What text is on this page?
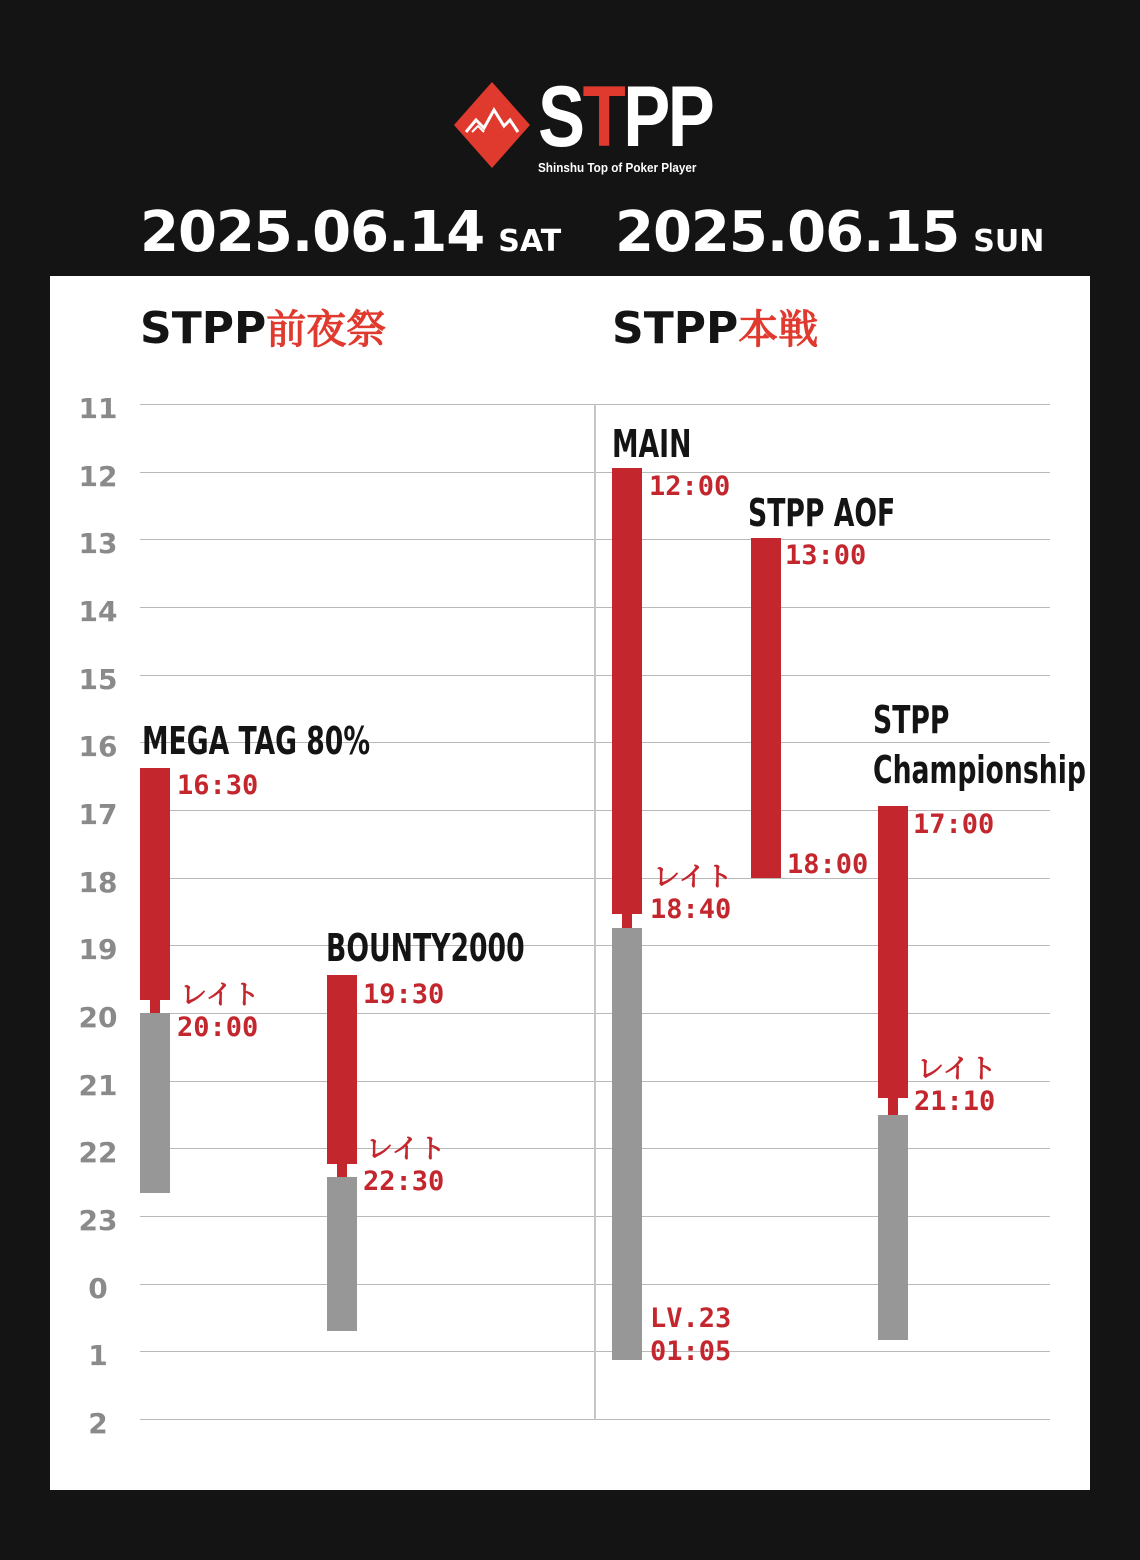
STPP
Shinshu Top of Poker Player
2025.06.14 SAT 2025.06.15 SUN
STPP前夜祭	STPP本戦
11
12
13
14
15
16
17
18
19
20
21
22
23
0
1
2
MEGA TAG 80%
16:30
レイト
20:00
BOUNTY2000
19:30
レイト
22:30
MAIN
12:00
レイト
18:40
LV.23
01:05
STPP AOF
13:00
18:00
STPP
Championship
17:00
レイト
21:10
